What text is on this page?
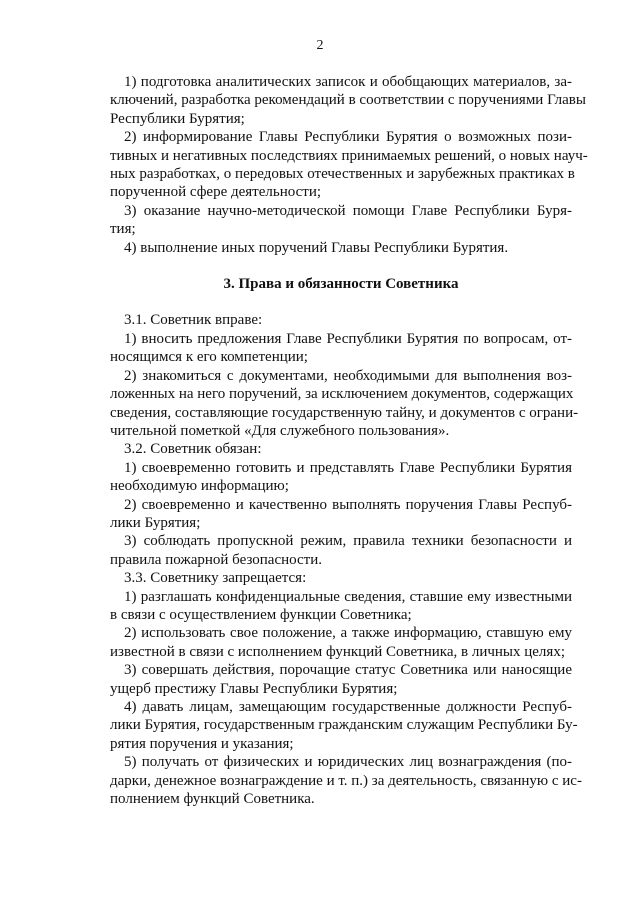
2
1) подготовка аналитических записок и обобщающих материалов, за-
ключений, разработка рекомендаций в соответствии с поручениями Главы
Республики Бурятия;
2) информирование Главы Республики Бурятия о возможных пози-
тивных и негативных последствиях принимаемых решений, о новых науч-
ных разработках, о передовых отечественных и зарубежных практиках в
порученной сфере деятельности;
3) оказание научно-методической помощи Главе Республики Буря-
тия;
4) выполнение иных поручений Главы Республики Бурятия.
3. Права и обязанности Советника
3.1. Советник вправе:
1) вносить предложения Главе Республики Бурятия по вопросам, от-
носящимся к его компетенции;
2) знакомиться с документами, необходимыми для выполнения воз-
ложенных на него поручений, за исключением документов, содержащих
сведения, составляющие государственную тайну, и документов с ограни-
чительной пометкой «Для служебного пользования».
3.2. Советник обязан:
1) своевременно готовить и представлять Главе Республики Бурятия
необходимую информацию;
2) своевременно и качественно выполнять поручения Главы Респуб-
лики Бурятия;
3) соблюдать пропускной режим, правила техники безопасности и
правила пожарной безопасности.
3.3. Советнику запрещается:
1) разглашать конфиденциальные сведения, ставшие ему известными
в связи с осуществлением функции Советника;
2) использовать свое положение, а также информацию, ставшую ему
известной в связи с исполнением функций Советника, в личных целях;
3) совершать действия, порочащие статус Советника или наносящие
ущерб престижу Главы Республики Бурятия;
4) давать лицам, замещающим государственные должности Респуб-
лики Бурятия, государственным гражданским служащим Республики Бу-
рятия поручения и указания;
5) получать от физических и юридических лиц вознаграждения (по-
дарки, денежное вознаграждение и т. п.) за деятельность, связанную с ис-
полнением функций Советника.
